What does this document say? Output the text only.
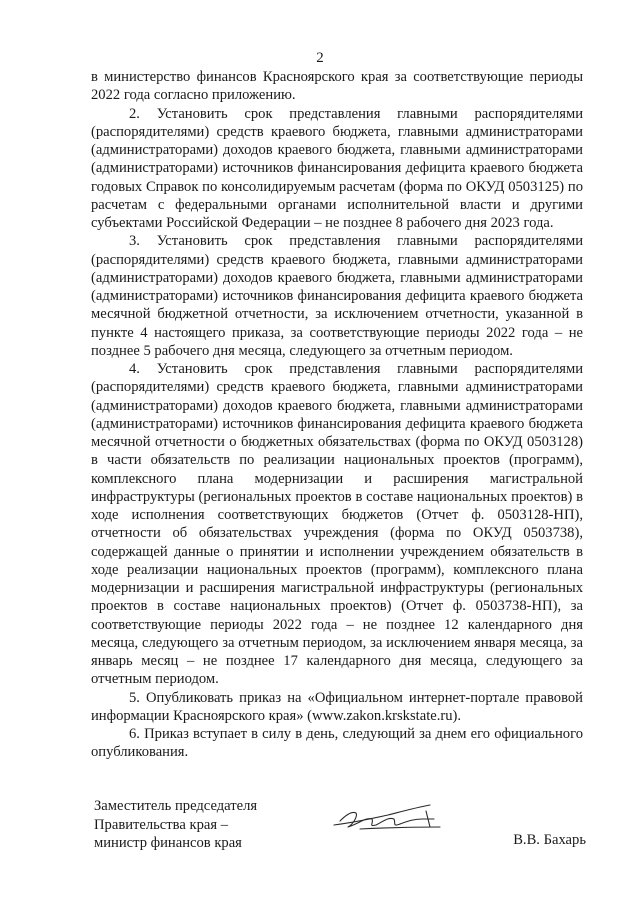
2

в министерство финансов Красноярского края за соответствующие периоды 2022 года согласно приложению.

2. Установить срок представления главными распорядителями (распорядителями) средств краевого бюджета, главными администраторами (администраторами) доходов краевого бюджета, главными администраторами (администраторами) источников финансирования дефицита краевого бюджета годовых Справок по консолидируемым расчетам (форма по ОКУД 0503125) по расчетам с федеральными органами исполнительной власти и другими субъектами Российской Федерации – не позднее 8 рабочего дня 2023 года.

3. Установить срок представления главными распорядителями (распорядителями) средств краевого бюджета, главными администраторами (администраторами) доходов краевого бюджета, главными администраторами (администраторами) источников финансирования дефицита краевого бюджета месячной бюджетной отчетности, за исключением отчетности, указанной в пункте 4 настоящего приказа, за соответствующие периоды 2022 года – не позднее 5 рабочего дня месяца, следующего за отчетным периодом.

4. Установить срок представления главными распорядителями (распорядителями) средств краевого бюджета, главными администраторами (администраторами) доходов краевого бюджета, главными администраторами (администраторами) источников финансирования дефицита краевого бюджета месячной отчетности о бюджетных обязательствах (форма по ОКУД 0503128) в части обязательств по реализации национальных проектов (программ), комплексного плана модернизации и расширения магистральной инфраструктуры (региональных проектов в составе национальных проектов) в ходе исполнения соответствующих бюджетов (Отчет ф. 0503128-НП), отчетности об обязательствах учреждения (форма по ОКУД 0503738), содержащей данные о принятии и исполнении учреждением обязательств в ходе реализации национальных проектов (программ), комплексного плана модернизации и расширения магистральной инфраструктуры (региональных проектов в составе национальных проектов) (Отчет ф. 0503738-НП), за соответствующие периоды 2022 года – не позднее 12 календарного дня месяца, следующего за отчетным периодом, за исключением января месяца, за январь месяц – не позднее 17 календарного дня месяца, следующего за отчетным периодом.

5. Опубликовать приказ на «Официальном интернет-портале правовой информации Красноярского края» (www.zakon.krskstate.ru).

6. Приказ вступает в силу в день, следующий за днем его официального опубликования.

Заместитель председателя
Правительства края –
министр финансов края	В.В. Бахарь
